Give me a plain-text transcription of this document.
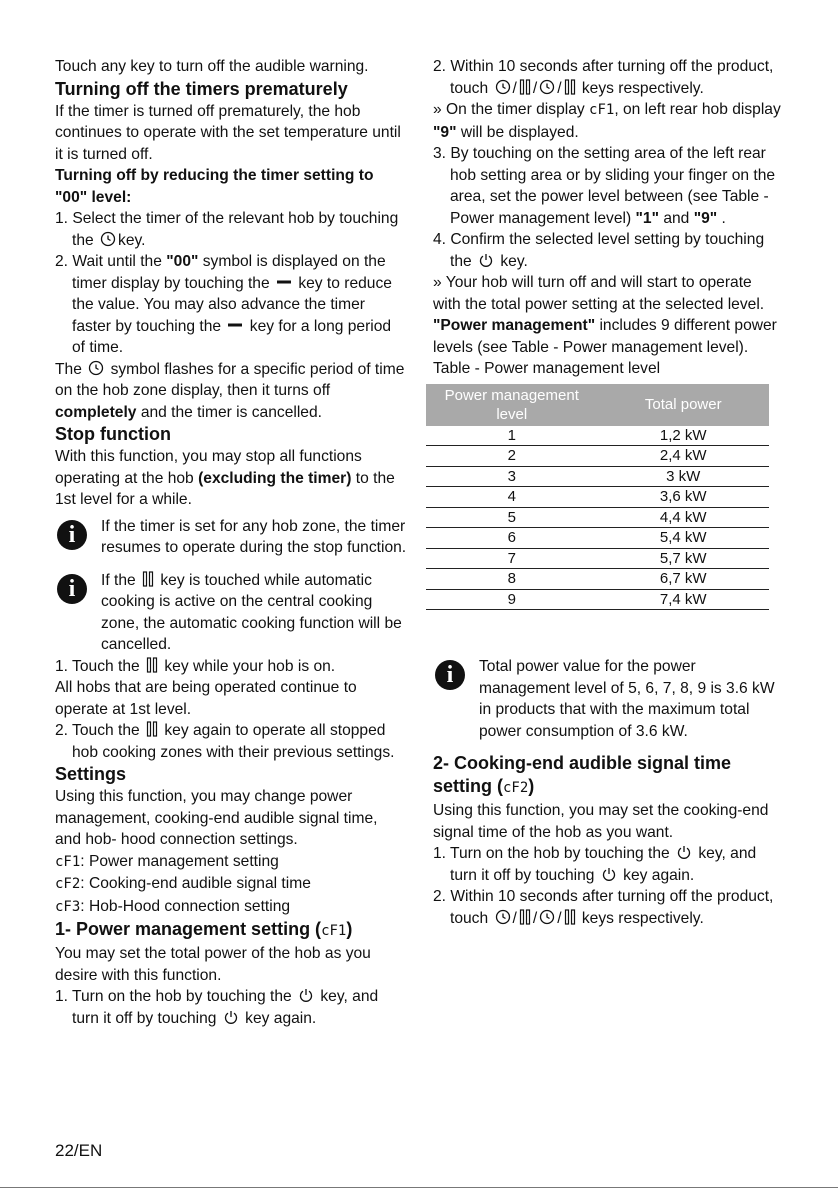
Touch any key to turn off the audible warning.

Turning off the timers prematurely

If the timer is turned off prematurely, the hob continues to operate with the set temperature until it is turned off.

Turning off by reducing the timer setting to "00" level:

1. Select the timer of the relevant hob by touching the key.

2. Wait until the "00" symbol is displayed on the timer display by touching the key to reduce the value. You may also advance the timer faster by touching the key for a long period of time.

The symbol flashes for a specific period of time on the hob zone display, then it turns off completely and the timer is cancelled.

Stop function

With this function, you may stop all functions operating at the hob (excluding the timer) to the 1st level for a while.

i	If the timer is set for any hob zone, the timer resumes to operate during the stop function.

i	If the key is touched while automatic cooking is active on the central cooking zone, the automatic cooking function will be cancelled.

1. Touch the key while your hob is on.

All hobs that are being operated continue to operate at 1st level.

2. Touch the key again to operate all stopped hob cooking zones with their previous settings.

Settings

Using this function, you may change power management, cooking-end audible signal time, and hob- hood connection settings.

cF1: Power management setting

cF2: Cooking-end audible signal time

cF3: Hob-Hood connection setting

1- Power management setting (cF1)

You may set the total power of the hob as you desire with this function.

1. Turn on the hob by touching the key, and turn it off by touching key again.

2. Within 10 seconds after turning off the product, touch / / / keys respectively.

» On the timer display cF1, on left rear hob display "9" will be displayed.

3. By touching on the setting area of the left rear hob setting area or by sliding your finger on the area, set the power level between (see Table - Power management level) "1" and "9" .

4. Confirm the selected level setting by touching the key.

» Your hob will turn off and will start to operate with the total power setting at the selected level.

"Power management" includes 9 different power levels (see Table - Power management level).

Table - Power management level

Power management level	Total power
1	1,2 kW
2	2,4 kW
3	3 kW
4	3,6 kW
5	4,4 kW
6	5,4 kW
7	5,7 kW
8	6,7 kW
9	7,4 kW
i	Total power value for the power management level of 5, 6, 7, 8, 9 is 3.6 kW in products that with the maximum total power consumption of 3.6 kW.

2- Cooking-end audible signal time setting (cF2)

Using this function, you may set the cooking-end signal time of the hob as you want.

1. Turn on the hob by touching the key, and turn it off by touching key again.

2. Within 10 seconds after turning off the product, touch / / / keys respectively.

22/EN
